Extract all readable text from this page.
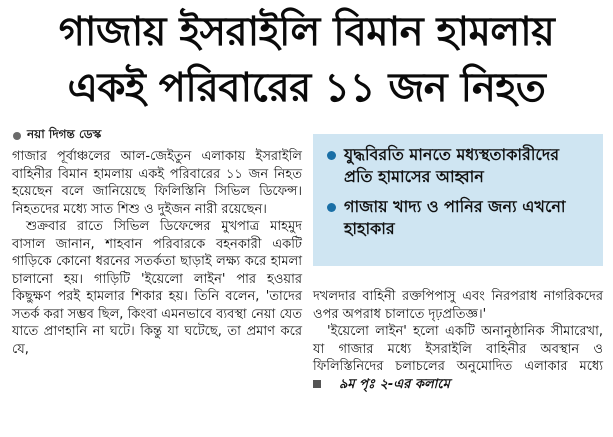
গাজায় ইসরাইলি বিমান হামলায়
একই পরিবারের ১১ জন নিহত
নয়া দিগন্ত ডেস্ক

গাজার পূর্বাঞ্চলের আল-জেইতুন এলাকায় ইসরাইলি বাহিনীর বিমান হামলায় একই পরিবারের ১১ জন নিহত হয়েছেন বলে জানিয়েছে ফিলিস্তিনি সিভিল ডিফেন্স। নিহতদের মধ্যে সাত শিশু ও দুইজন নারী রয়েছেন।

শুক্রবার রাতে সিভিল ডিফেন্সের মুখপাত্র মাহমুদ বাসাল জানান, শাহবান পরিবারকে বহনকারী একটি গাড়িকে কোনো ধরনের সতর্কতা ছাড়াই লক্ষ্য করে হামলা চালানো হয়। গাড়িটি 'ইয়েলো লাইন' পার হওয়ার কিছুক্ষণ পরই হামলার শিকার হয়। তিনি বলেন, 'তাদের সতর্ক করা সম্ভব ছিল, কিংবা এমনভাবে ব্যবস্থা নেয়া যেত যাতে প্রাণহানি না ঘটে। কিন্তু যা ঘটেছে, তা প্রমাণ করে যে,

যুদ্ধবিরতি মানতে মধ্যস্থতাকারীদের প্রতি হামাসের আহ্বান
গাজায় খাদ্য ও পানির জন্য এখনো হাহাকার

দখলদার বাহিনী রক্তপিপাসু এবং নিরপরাধ নাগরিকদের ওপর অপরাধ চালাতে দৃঢ়প্রতিজ্ঞ।'

'ইয়েলো লাইন' হলো একটি অনানুষ্ঠানিক সীমারেখা, যা গাজার মধ্যে ইসরাইলি বাহিনীর অবস্থান ও ফিলিস্তিনিদের চলাচলের অনুমোদিত এলাকার মধ্যে
৯ম পৃঃ ২-এর কলামে
